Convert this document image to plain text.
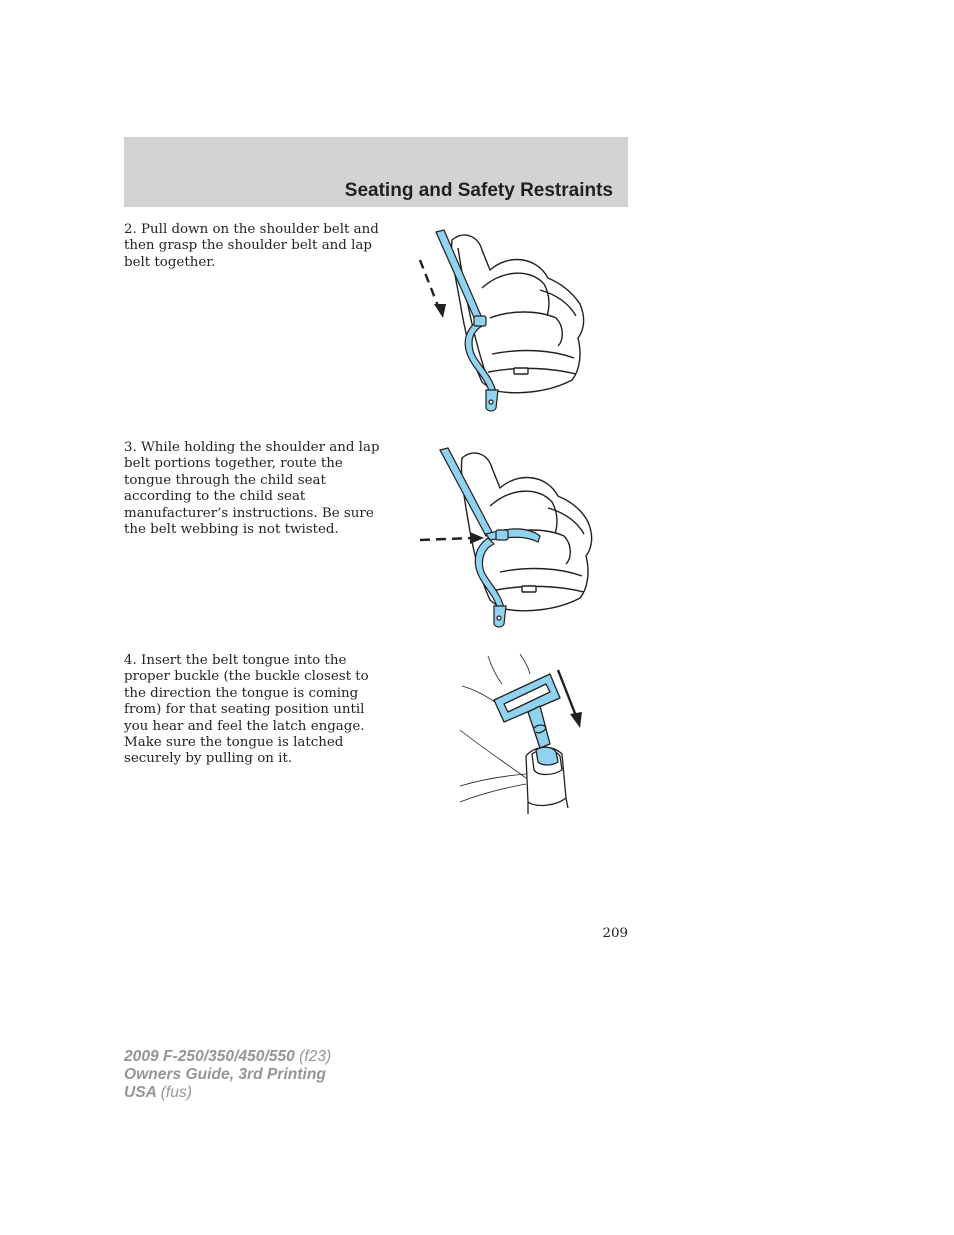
Seating and Safety Restraints
2. Pull down on the shoulder belt and then grasp the shoulder belt and lap belt together.
3. While holding the shoulder and lap belt portions together, route the tongue through the child seat according to the child seat manufacturer’s instructions. Be sure the belt webbing is not twisted.
4. Insert the belt tongue into the proper buckle (the buckle closest to the direction the tongue is coming from) for that seating position until you hear and feel the latch engage. Make sure the tongue is latched securely by pulling on it.
209
2009 F-250/350/450/550 (f23)
Owners Guide, 3rd Printing
USA (fus)
